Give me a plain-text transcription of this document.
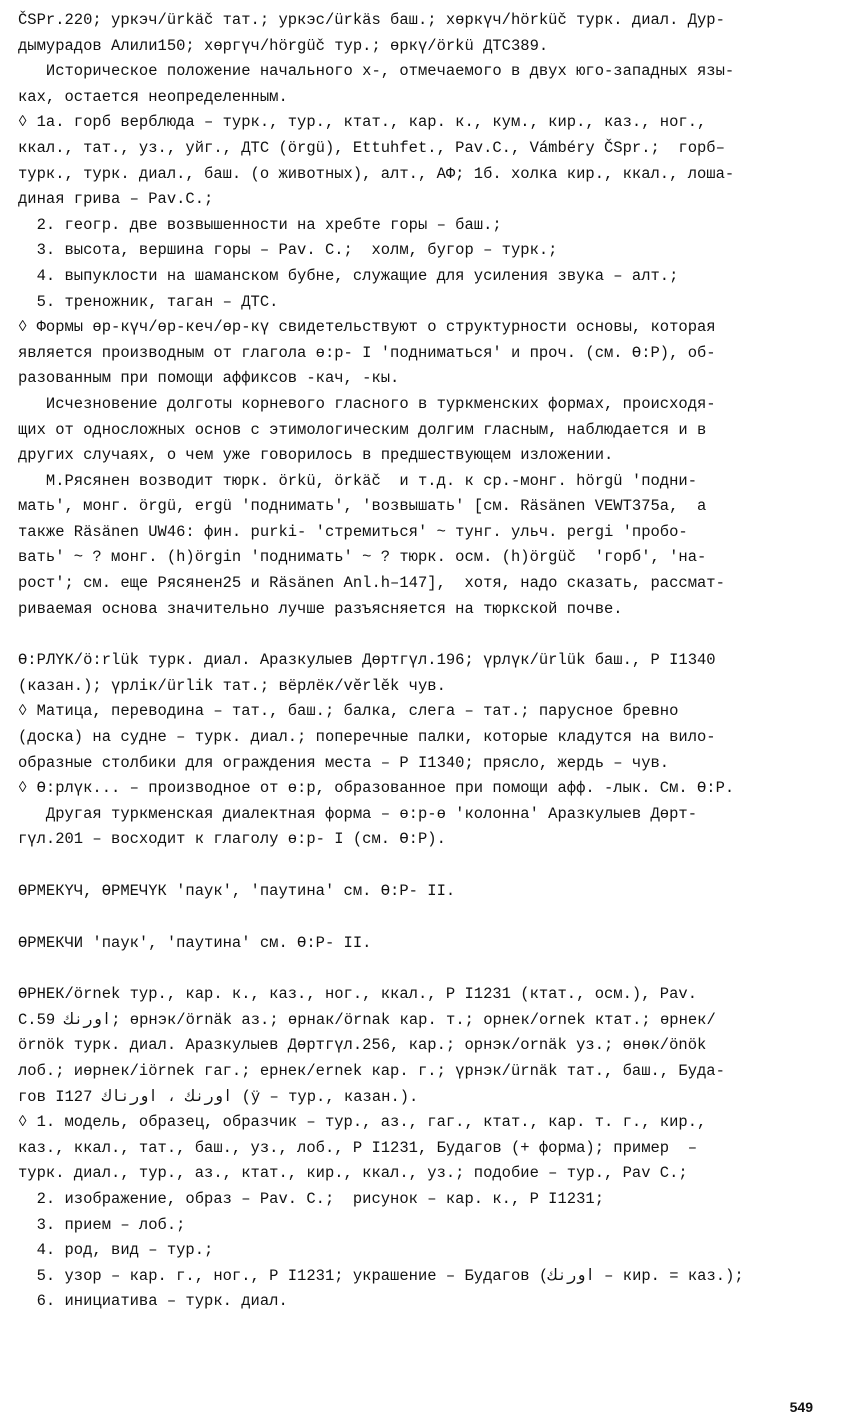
ČSPr.220; уркэч/ürkäč тат.; уркэс/ürkäs баш.; хөркүч/hörküč турк. диал. Дур-
дымурадов Алили150; хөргүч/hörgüč тур.; өркү/örkü ДТС389.
Историческое положение начального х-, отмечаемого в двух юго-западных язы-
ках, остается неопределенным.
◊ 1а. горб верблюда – турк., тур., ктат., кар. к., кум., кир., каз., ног.,
ккал., тат., уз., уйг., ДТС (örgü), Ettuhfet., Pav.C., Vámbéry ČSpr.;  горб–
турк., турк. диал., баш. (о животных), алт., АФ; 1б. холка кир., ккал., лоша-
диная грива – Pav.C.;
2. геогр. две возвышенности на хребте горы – баш.;
3. высота, вершина горы – Pav. C.;  холм, бугор – турк.;
4. выпуклости на шаманском бубне, служащие для усиления звука – алт.;
5. треножник, таган – ДТС.
◊ Формы өр-күч/өр-кеч/өр-кү свидетельствуют о структурности основы, которая
является производным от глагола ө:р- I 'подниматься' и проч. (см. Ө:Р), об-
разованным при помощи аффиксов -кач, -кы.
Исчезновение долготы корневого гласного в туркменских формах, происходя-
щих от односложных основ с этимологическим долгим гласным, наблюдается и в
других случаях, о чем уже говорилось в предшествующем изложении.
М.Рясянен возводит тюрк. örkü, örkäč  и т.д. к ср.-монг. hörgü 'подни-
мать', монг. örgü, ergü 'поднимать', 'возвышать' [см. Räsänen VEWT375а,  а
также Räsänen UW46: фин. purki- 'стремиться' ~ тунг. ульч. pergi 'пробо-
вать' ~ ? монг. (h)örgin 'поднимать' ~ ? тюрк. осм. (h)örgüč  'горб', 'на-
рост'; см. еще Рясянен25 и Räsänen Anl.h–147],  хотя, надо сказать, рассмат-
риваемая основа значительно лучше разъясняется на тюркской почве.
Ө:РЛҮК/ö:rlük турк. диал. Аразкулыев Дөртгүл.196; үрлүк/ürlük баш., Р I1340
(казан.); үрлік/ürlik тат.; вёрлёк/vĕrlĕk чув.
◊ Матица, переводина – тат., баш.; балка, слега – тат.; парусное бревно
(доска) на судне – турк. диал.; поперечные палки, которые кладутся на вило-
образные столбики для ограждения места – Р I1340; прясло, жердь – чув.
◊ Ө:рлүк... – производное от ө:р, образованное при помощи афф. -лык. См. Ө:Р.
Другая туркменская диалектная форма – ө:р-ө 'колонна' Аразкулыев Дөрт-
гүл.201 – восходит к глаголу ө:р- I (см. Ө:Р).
ӨРМЕКҮЧ, ӨРМЕЧҮК 'паук', 'паутина' см. Ө:Р- II.
ӨРМЕКЧИ 'паук', 'паутина' см. Ө:Р- II.
ӨРНЕК/örnek тур., кар. к., каз., ног., ккал., Р I1231 (ктат., осм.), Pav.
C.59 اورنك; өрнэк/örnäk аз.; өрнак/örnak кар. т.; орнек/ornek ктат.; өрнек/
örnök турк. диал. Аразкулыев Дөртгүл.256, кар.; орнэк/ornäk уз.; өнөк/önök
лоб.; иөрнек/iörnek гаг.; ернек/ernek кар. г.; үрнэк/ürnäk тат., баш., Будa-
гов I127 اورنك ، اورناك (ӱ – тур., казан.).
◊ 1. модель, образец, образчик – тур., аз., гаг., ктат., кар. т. г., кир.,
каз., ккал., тат., баш., уз., лоб., Р I1231, Будагов (+ форма); пример  –
турк. диал., тур., аз., ктат., кир., ккал., уз.; подобие – тур., Pav C.;
2. изображение, образ – Pav. C.;  рисунок – кар. к., Р I1231;
3. прием – лоб.;
4. род, вид – тур.;
5. узор – кар. г., ног., Р I1231; украшение – Будагов (اورنك – кир. = каз.);
6. инициатива – турк. диал.
549
